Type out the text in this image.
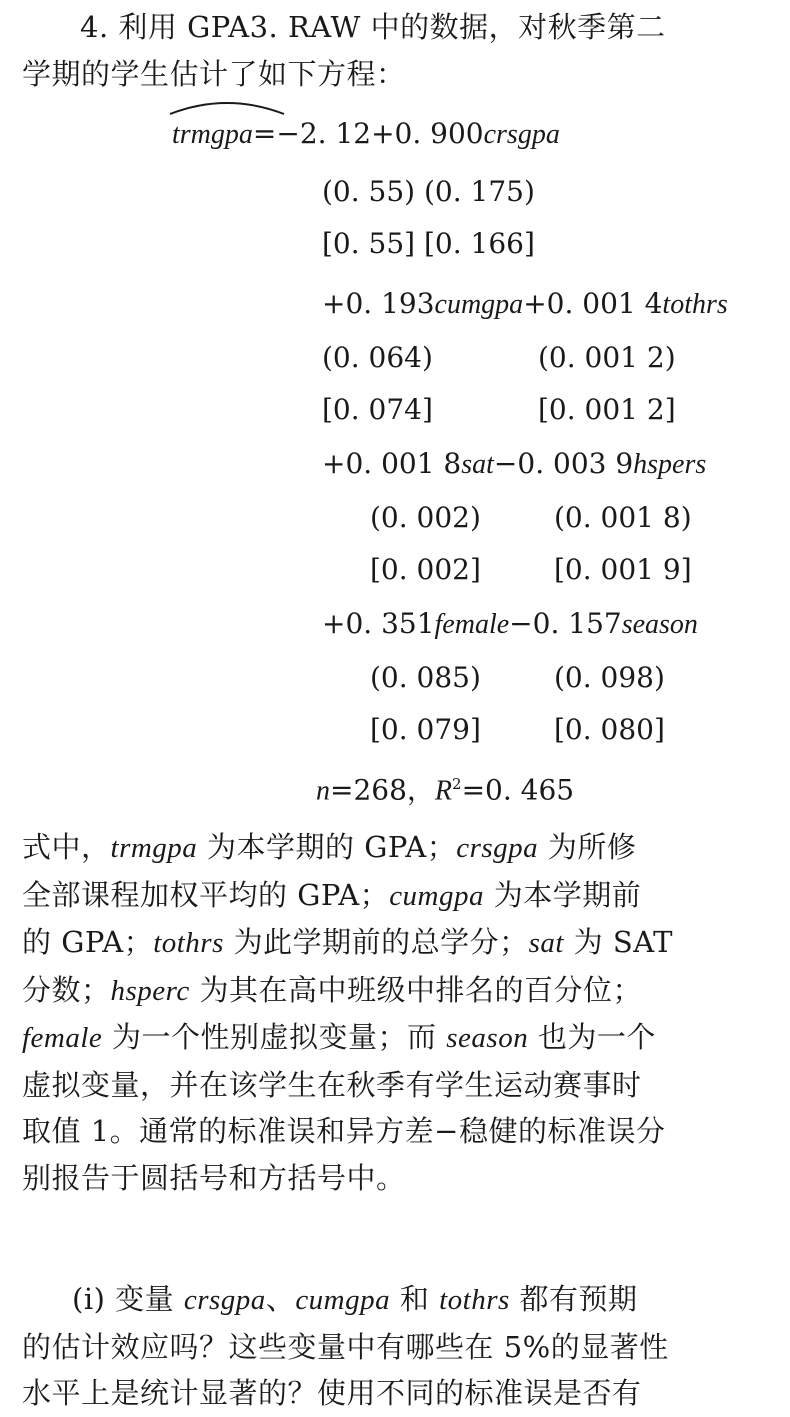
4. 利用 GPA3. RAW 中的数据，对秋季第二
学期的学生估计了如下方程：
trmgpa=−2. 12+0. 900crsgpa
(0. 55) (0. 175)
[0. 55] [0. 166]
+0. 193cumgpa+0. 001 4tothrs
(0. 064)	(0. 001 2)
[0. 074]	[0. 001 2]
+0. 001 8sat−0. 003 9hspers
(0. 002)	(0. 001 8)
[0. 002]	[0. 001 9]
+0. 351female−0. 157season
(0. 085)	(0. 098)
[0. 079]	[0. 080]
n=268，$R^2=0$. 465
式中，trmgpa 为本学期的 GPA；crsgpa 为所修
全部课程加权平均的 GPA；cumgpa 为本学期前
的 GPA；tothrs 为此学期前的总学分；sat 为 SAT
分数；hsperc 为其在高中班级中排名的百分位；
female 为一个性别虚拟变量；而 season 也为一个
虚拟变量，并在该学生在秋季有学生运动赛事时
取值 1。通常的标准误和异方差−稳健的标准误分
别报告于圆括号和方括号中。
(i) 变量 crsgpa、cumgpa 和 tothrs 都有预期
的估计效应吗？这些变量中有哪些在 5%的显著性
水平上是统计显著的？使用不同的标准误是否有
